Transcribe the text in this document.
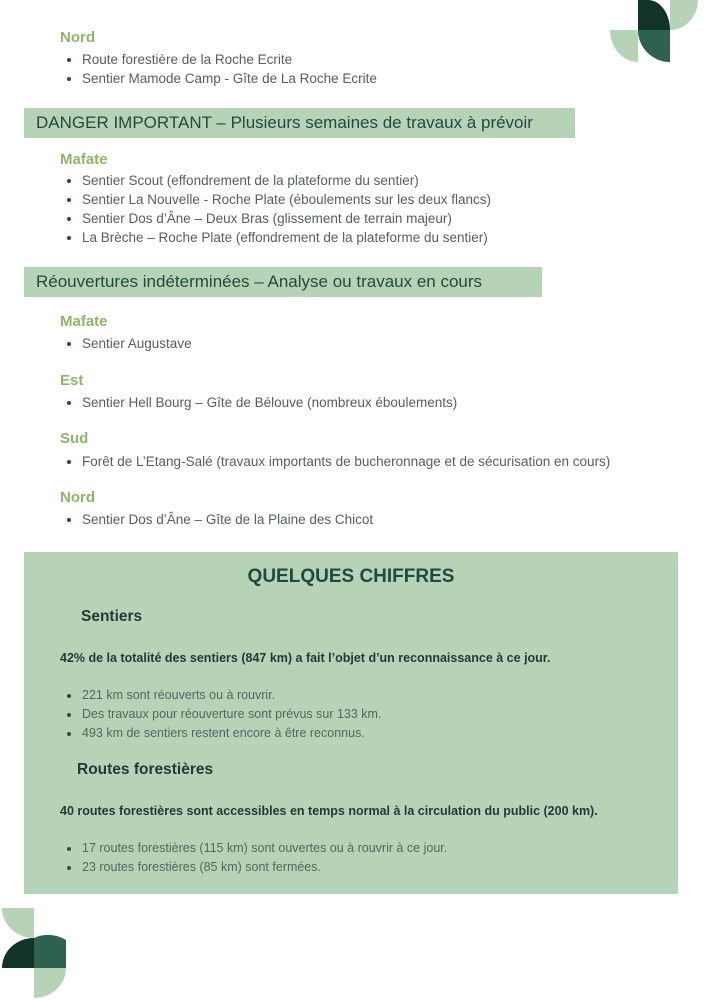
Nord
Route forestière de la Roche Ecrite
Sentier Mamode Camp - Gîte de La Roche Ecrite
DANGER IMPORTANT – Plusieurs semaines de travaux à prévoir
Mafate
Sentier Scout (effondrement de la plateforme du sentier)
Sentier La Nouvelle - Roche Plate (éboulements sur les deux flancs)
Sentier Dos d’Âne – Deux Bras (glissement de terrain majeur)
La Brèche – Roche Plate (effondrement de la plateforme du sentier)
Réouvertures indéterminées – Analyse ou travaux en cours
Mafate
Sentier Augustave
Est
Sentier Hell Bourg – Gîte de Bélouve (nombreux éboulements)
Sud
Forêt de L’Etang-Salé (travaux importants de bucheronnage et de sécurisation en cours)
Nord
Sentier Dos d’Âne – Gîte de la Plaine des Chicot
QUELQUES CHIFFRES
Sentiers

42% de la totalité des sentiers (847 km) a fait l’objet d’un reconnaissance à ce jour.

221 km sont réouverts ou à rouvrir.
Des travaux pour réouverture sont prévus sur 133 km.
493 km de sentiers restent encore à être reconnus.
Routes forestières

40 routes forestières sont accessibles en temps normal à la circulation du public (200 km).

17 routes forestières (115 km) sont ouvertes ou à rouvrir à ce jour.
23 routes forestières (85 km) sont fermées.
